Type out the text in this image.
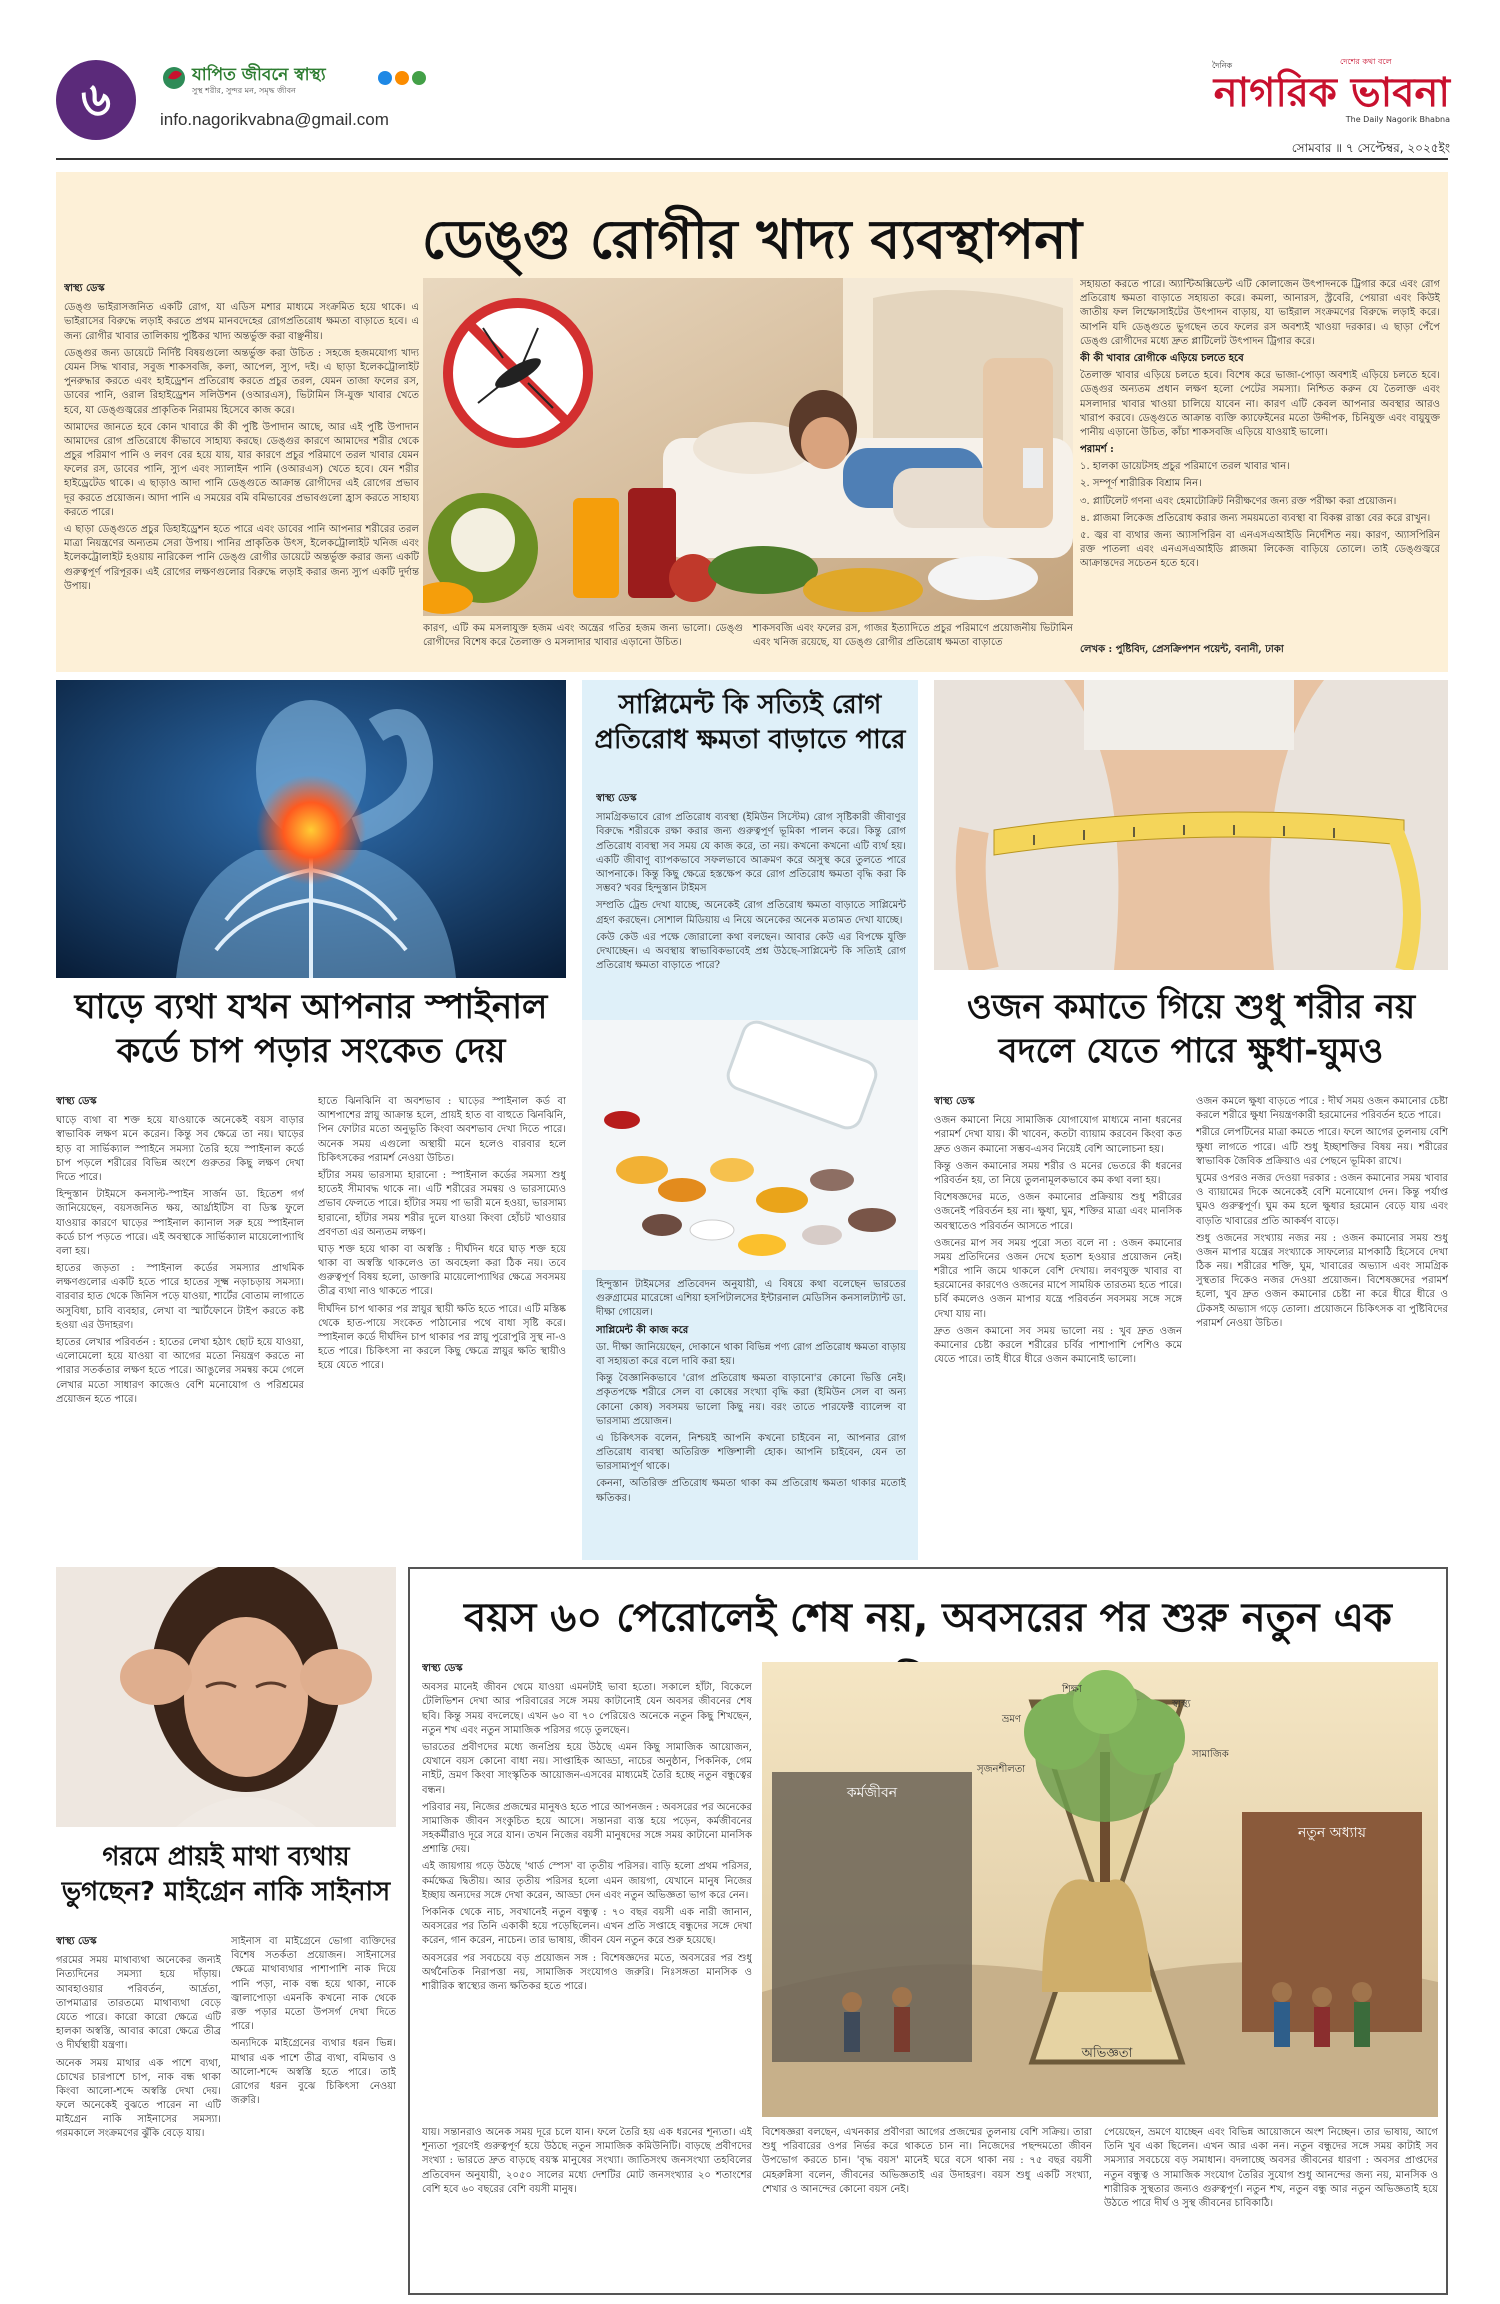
৬	যাপিত জীবনে স্বাস্থ্য
সুস্থ শরীর, সুন্দর মন, সমৃদ্ধ জীবন
info.nagorikvabna@gmail.com
দেশের কথা বলে
দৈনিক
নাগরিক ভাবনা
The Daily Nagorik Bhabna
সোমবার ॥ ৭ সেপ্টেম্বর, ২০২৫ইং
ডেঙ্গু রোগীর খাদ্য ব্যবস্থাপনা
স্বাস্থ্য ডেস্ক

ডেঙ্গু ভাইরাসজনিত একটি রোগ, যা এডিস মশার মাধ্যমে সংক্রমিত হয়ে থাকে। এ ভাইরাসের বিরুদ্ধে লড়াই করতে প্রথম মানবদেহের রোগপ্রতিরোধ ক্ষমতা বাড়াতে হবে। এ জন্য রোগীর খাবার তালিকায় পুষ্টিকর খাদ্য অন্তর্ভুক্ত করা বাঞ্ছনীয়।

ডেঙ্গুর জন্য ডায়েটে নির্দিষ্ট বিষয়গুলো অন্তর্ভুক্ত করা উচিত : সহজে হজমযোগ্য খাদ্য যেমন সিদ্ধ খাবার, সবুজ শাকসবজি, কলা, আপেল, স্যুপ, দই। এ ছাড়া ইলেকট্রোলাইট পুনরুদ্ধার করতে এবং হাইড্রেশন প্রতিরোধ করতে প্রচুর তরল, যেমন তাজা ফলের রস, ডাবের পানি, ওরাল রিহাইড্রেশন সলিউশন (ওআরএস), ভিটামিন সি-যুক্ত খাবার খেতে হবে, যা ডেঙ্গুজ্বরের প্রাকৃতিক নিরাময় হিসেবে কাজ করে।

আমাদের জানতে হবে কোন খাবারে কী কী পুষ্টি উপাদান আছে, আর এই পুষ্টি উপাদান আমাদের রোগ প্রতিরোধে কীভাবে সাহায্য করছে। ডেঙ্গুর কারণে আমাদের শরীর থেকে প্রচুর পরিমাণ পানি ও লবণ বের হয়ে যায়, যার কারণে প্রচুর পরিমাণে তরল খাবার যেমন ফলের রস, ডাবের পানি, স্যুপ এবং স্যালাইন পানি (ওআরএস) খেতে হবে। যেন শরীর হাইড্রেটেড থাকে। এ ছাড়াও আদা পানি ডেঙ্গুতে আক্রান্ত রোগীদের এই রোগের প্রভাব দূর করতে প্রয়োজন। আদা পানি এ সময়ের বমি বমিভাবের প্রভাবগুলো হ্রাস করতে সাহায্য করতে পারে।

এ ছাড়া ডেঙ্গুতে প্রচুর ডিহাইড্রেশন হতে পারে এবং ডাবের পানি আপনার শরীরের তরল মাত্রা নিয়ন্ত্রণের অন্যতম সেরা উপায়। পানির প্রাকৃতিক উৎস, ইলেকট্রোলাইট খনিজ এবং ইলেকট্রোলাইট হওয়ায় নারিকেল পানি ডেঙ্গু রোগীর ডায়েটে অন্তর্ভুক্ত করার জন্য একটি গুরুত্বপূর্ণ পরিপূরক। এই রোগের লক্ষণগুলোর বিরুদ্ধে লড়াই করার জন্য স্যুপ একটি দুর্দান্ত উপায়।

কারণ, এটি কম মসলাযুক্ত হজম এবং অন্ত্রের গতির হজম জন্য ভালো। ডেঙ্গু রোগীদের বিশেষ করে তৈলাক্ত ও মসলাদার খাবার এড়ানো উচিত।

শাকসবজি এবং ফলের রস, গাজর ইত্যাদিতে প্রচুর পরিমাণে প্রয়োজনীয় ভিটামিন এবং খনিজ রয়েছে, যা ডেঙ্গু রোগীর প্রতিরোধ ক্ষমতা বাড়াতে

সহায়তা করতে পারে। অ্যান্টিঅক্সিডেন্ট এটি কোলাজেন উৎপাদনকে ট্রিগার করে এবং রোগ প্রতিরোধ ক্ষমতা বাড়াতে সহায়তা করে। কমলা, আনারস, স্ট্রবেরি, পেয়ারা এবং কিউই জাতীয় ফল লিম্ফোসাইটের উৎপাদন বাড়ায়, যা ভাইরাল সংক্রমণের বিরুদ্ধে লড়াই করে। আপনি যদি ডেঙ্গুতে ভুগছেন তবে ফলের রস অবশ্যই খাওয়া দরকার। এ ছাড়া পেঁপে ডেঙ্গু রোগীদের মধ্যে দ্রুত প্লাটিলেট উৎপাদন ট্রিগার করে।

কী কী খাবার রোগীকে এড়িয়ে চলতে হবে

তৈলাক্ত খাবার এড়িয়ে চলতে হবে। বিশেষ করে ভাজা-পোড়া অবশ্যই এড়িয়ে চলতে হবে। ডেঙ্গুর অন্যতম প্রধান লক্ষণ হলো পেটের সমস্যা। নিশ্চিত করুন যে তৈলাক্ত এবং মসলাদার খাবার খাওয়া চালিয়ে যাবেন না। কারণ এটি কেবল আপনার অবস্থার আরও খারাপ করবে। ডেঙ্গুতে আক্রান্ত ব্যক্তি ক্যাফেইনের মতো উদ্দীপক, চিনিযুক্ত এবং বায়ুযুক্ত পানীয় এড়ানো উচিত, কাঁচা শাকসবজি এড়িয়ে যাওয়াই ভালো।

পরামর্শ :

১. হালকা ডায়েটসহ প্রচুর পরিমাণে তরল খাবার খান।

২. সম্পূর্ণ শারীরিক বিশ্রাম নিন।

৩. প্লাটিলেট গণনা এবং হেমাটোক্রিট নিরীক্ষণের জন্য রক্ত পরীক্ষা করা প্রয়োজন।

৪. প্লাজমা লিকেজ প্রতিরোধ করার জন্য সময়মতো ব্যবস্থা বা বিকল্প রাস্তা বের করে রাখুন।

৫. জ্বর বা ব্যথার জন্য অ্যাসপিরিন বা এনএসএআইডি নির্দেশিত নয়। কারণ, অ্যাসপিরিন রক্ত পাতলা এবং এনএসএআইডি প্লাজমা লিকেজ বাড়িয়ে তোলে। তাই ডেঙ্গুজ্বরে আক্রান্তদের সচেতন হতে হবে।

লেখক : পুষ্টিবিদ, প্রেসক্রিপশন পয়েন্ট, বনানী, ঢাকা
ঘাড়ে ব্যথা যখন আপনার স্পাইনাল কর্ডে চাপ পড়ার সংকেত দেয়
স্বাস্থ্য ডেস্ক

ঘাড়ে ব্যথা বা শক্ত হয়ে যাওয়াকে অনেকেই বয়স বাড়ার স্বাভাবিক লক্ষণ মনে করেন। কিন্তু সব ক্ষেত্রে তা নয়। ঘাড়ের হাড় বা সার্ভিক্যাল স্পাইনে সমস্যা তৈরি হয়ে স্পাইনাল কর্ডে চাপ পড়লে শরীরের বিভিন্ন অংশে গুরুতর কিছু লক্ষণ দেখা দিতে পারে।

হিন্দুস্তান টাইমসে কনসাল্ট-স্পাইন সার্জন ডা. হিতেশ গর্গ জানিয়েছেন, বয়সজনিত ক্ষয়, আর্থ্রাইটিস বা ডিস্ক ফুলে যাওয়ার কারণে ঘাড়ের স্পাইনাল ক্যানাল সরু হয়ে স্পাইনাল কর্ডে চাপ পড়তে পারে। এই অবস্থাকে সার্ভিক্যাল মায়েলোপ্যাথি বলা হয়।

হাতের জড়তা : স্পাইনাল কর্ডের সমস্যার প্রাথমিক লক্ষণগুলোর একটি হতে পারে হাতের সূক্ষ্ম নড়াচড়ায় সমস্যা। বারবার হাত থেকে জিনিস পড়ে যাওয়া, শার্টের বোতাম লাগাতে অসুবিধা, চাবি ব্যবহার, লেখা বা স্মার্টফোনে টাইপ করতে কষ্ট হওয়া এর উদাহরণ।

হাতের লেখার পরিবর্তন : হাতের লেখা হঠাৎ ছোট হয়ে যাওয়া, এলোমেলো হয়ে যাওয়া বা আগের মতো নিয়ন্ত্রণ করতে না পারার সতর্কতার লক্ষণ হতে পারে। আঙুলের সমন্বয় কমে গেলে লেখার মতো সাধারণ কাজেও বেশি মনোযোগ ও পরিশ্রমের প্রয়োজন হতে পারে।

হাতে ঝিনঝিনি বা অবশভাব : ঘাড়ের স্পাইনাল কর্ড বা আশপাশের স্নায়ু আক্রান্ত হলে, প্রায়ই হাত বা বাহুতে ঝিনঝিনি, পিন ফোটার মতো অনুভূতি কিংবা অবশভাব দেখা দিতে পারে। অনেক সময় এগুলো অস্থায়ী মনে হলেও বারবার হলে চিকিৎসকের পরামর্শ নেওয়া উচিত।

হাঁটার সময় ভারসাম্য হারানো : স্পাইনাল কর্ডের সমস্যা শুধু হাতেই সীমাবদ্ধ থাকে না। এটি শরীরের সমন্বয় ও ভারসাম্যেও প্রভাব ফেলতে পারে। হাঁটার সময় পা ভারী মনে হওয়া, ভারসাম্য হারানো, হাঁটার সময় শরীর দুলে যাওয়া কিংবা হোঁচট খাওয়ার প্রবণতা এর অন্যতম লক্ষণ।

ঘাড় শক্ত হয়ে থাকা বা অস্বস্তি : দীর্ঘদিন ধরে ঘাড় শক্ত হয়ে থাকা বা অস্বস্তি থাকলেও তা অবহেলা করা ঠিক নয়। তবে গুরুত্বপূর্ণ বিষয় হলো, ডাক্তারি মায়েলোপ্যাথির ক্ষেত্রে সবসময় তীব্র ব্যথা নাও থাকতে পারে।

দীর্ঘদিন চাপ থাকার পর স্নায়ুর স্থায়ী ক্ষতি হতে পারে। এটি মস্তিষ্ক থেকে হাত-পায়ে সংকেত পাঠানোর পথে বাধা সৃষ্টি করে। স্পাইনাল কর্ডে দীর্ঘদিন চাপ থাকার পর স্নায়ু পুরোপুরি সুস্থ না-ও হতে পারে। চিকিৎসা না করলে কিছু ক্ষেত্রে স্নায়ুর ক্ষতি স্থায়ীও হয়ে যেতে পারে।

সাপ্লিমেন্ট কি সত্যিই রোগ প্রতিরোধ ক্ষমতা বাড়াতে পারে
স্বাস্থ্য ডেস্ক

সামগ্রিকভাবে রোগ প্রতিরোধ ব্যবস্থা (ইমিউন সিস্টেম) রোগ সৃষ্টিকারী জীবাণুর বিরুদ্ধে শরীরকে রক্ষা করার জন্য গুরুত্বপূর্ণ ভূমিকা পালন করে। কিন্তু রোগ প্রতিরোধ ব্যবস্থা সব সময় যে কাজ করে, তা নয়। কখনো কখনো এটি ব্যর্থ হয়। একটি জীবাণু ব্যাপকভাবে সফলভাবে আক্রমণ করে অসুস্থ করে তুলতে পারে আপনাকে। কিন্তু কিছু ক্ষেত্রে হস্তক্ষেপ করে রোগ প্রতিরোধ ক্ষমতা বৃদ্ধি করা কি সম্ভব? খবর হিন্দুস্তান টাইমস

সম্প্রতি ট্রেন্ড দেখা যাচ্ছে, অনেকেই রোগ প্রতিরোধ ক্ষমতা বাড়াতে সাপ্লিমেন্ট গ্রহণ করছেন। সোশাল মিডিয়ায় এ নিয়ে অনেকের অনেক মতামত দেখা যাচ্ছে।

কেউ কেউ এর পক্ষে জোরালো কথা বলছেন। আবার কেউ এর বিপক্ষে যুক্তি দেখাচ্ছেন। এ অবস্থায় স্বাভাবিকভাবেই প্রশ্ন উঠছে-সাপ্লিমেন্ট কি সত্যিই রোগ প্রতিরোধ ক্ষমতা বাড়াতে পারে?

হিন্দুস্তান টাইমসের প্রতিবেদন অনুযায়ী, এ বিষয়ে কথা বলেছেন ভারতের গুরুগ্রামের মারেঙ্গো এশিয়া হসপিটালসের ইন্টারনাল মেডিসিন কনসালট্যান্ট ডা. দীক্ষা গোয়েল।

সাপ্লিমেন্ট কী কাজ করে

ডা. দীক্ষা জানিয়েছেন, দোকানে থাকা বিভিন্ন পণ্য রোগ প্রতিরোধ ক্ষমতা বাড়ায় বা সহায়তা করে বলে দাবি করা হয়।

কিন্তু বৈজ্ঞানিকভাবে 'রোগ প্রতিরোধ ক্ষমতা বাড়ানো'র কোনো ভিত্তি নেই। প্রকৃতপক্ষে শরীরে সেল বা কোষের সংখ্যা বৃদ্ধি করা (ইমিউন সেল বা অন্য কোনো কোষ) সবসময় ভালো কিছু নয়। বরং তাতে পারফেক্ট ব্যালেন্স বা ভারসাম্য প্রয়োজন।

এ চিকিৎসক বলেন, নিশ্চয়ই আপনি কখনো চাইবেন না, আপনার রোগ প্রতিরোধ ব্যবস্থা অতিরিক্ত শক্তিশালী হোক। আপনি চাইবেন, যেন তা ভারসাম্যপূর্ণ থাকে।

কেননা, অতিরিক্ত প্রতিরোধ ক্ষমতা থাকা কম প্রতিরোধ ক্ষমতা থাকার মতোই ক্ষতিকর।

ওজন কমাতে গিয়ে শুধু শরীর নয় বদলে যেতে পারে ক্ষুধা-ঘুমও
স্বাস্থ্য ডেস্ক

ওজন কমানো নিয়ে সামাজিক যোগাযোগ মাধ্যমে নানা ধরনের পরামর্শ দেখা যায়। কী খাবেন, কতটা ব্যায়াম করবেন কিংবা কত দ্রুত ওজন কমানো সম্ভব-এসব নিয়েই বেশি আলোচনা হয়।

কিন্তু ওজন কমানোর সময় শরীর ও মনের ভেতরে কী ধরনের পরিবর্তন হয়, তা নিয়ে তুলনামূলকভাবে কম কথা বলা হয়।

বিশেষজ্ঞদের মতে, ওজন কমানোর প্রক্রিয়ায় শুধু শরীরের ওজনেই পরিবর্তন হয় না। ক্ষুধা, ঘুম, শক্তির মাত্রা এবং মানসিক অবস্থাতেও পরিবর্তন আসতে পারে।

ওজনের মাপ সব সময় পুরো সত্য বলে না : ওজন কমানোর সময় প্রতিদিনের ওজন দেখে হতাশ হওয়ার প্রয়োজন নেই। শরীরে পানি জমে থাকলে বেশি দেখায়। লবণযুক্ত খাবার বা হরমোনের কারণেও ওজনের মাপে সাময়িক তারতম্য হতে পারে। চর্বি কমলেও ওজন মাপার যন্ত্রে পরিবর্তন সবসময় সঙ্গে সঙ্গে দেখা যায় না।

দ্রুত ওজন কমানো সব সময় ভালো নয় : খুব দ্রুত ওজন কমানোর চেষ্টা করলে শরীরের চর্বির পাশাপাশি পেশিও কমে যেতে পারে। তাই ধীরে ধীরে ওজন কমানোই ভালো।

ওজন কমলে ক্ষুধা বাড়তে পারে : দীর্ঘ সময় ওজন কমানোর চেষ্টা করলে শরীরে ক্ষুধা নিয়ন্ত্রণকারী হরমোনের পরিবর্তন হতে পারে।

শরীরে লেপটিনের মাত্রা কমতে পারে। ফলে আগের তুলনায় বেশি ক্ষুধা লাগতে পারে। এটি শুধু ইচ্ছাশক্তির বিষয় নয়। শরীরের স্বাভাবিক জৈবিক প্রক্রিয়াও এর পেছনে ভূমিকা রাখে।

ঘুমের ওপরও নজর দেওয়া দরকার : ওজন কমানোর সময় খাবার ও ব্যায়ামের দিকে অনেকেই বেশি মনোযোগ দেন। কিন্তু পর্যাপ্ত ঘুমও গুরুত্বপূর্ণ। ঘুম কম হলে ক্ষুধার হরমোন বেড়ে যায় এবং বাড়তি খাবারের প্রতি আকর্ষণ বাড়ে।

শুধু ওজনের সংখ্যায় নজর নয় : ওজন কমানোর সময় শুধু ওজন মাপার যন্ত্রের সংখ্যাকে সাফল্যের মাপকাঠি হিসেবে দেখা ঠিক নয়। শরীরের শক্তি, ঘুম, খাবারের অভ্যাস এবং সামগ্রিক সুস্থতার দিকেও নজর দেওয়া প্রয়োজন। বিশেষজ্ঞদের পরামর্শ হলো, খুব দ্রুত ওজন কমানোর চেষ্টা না করে ধীরে ধীরে ও টেকসই অভ্যাস গড়ে তোলা। প্রয়োজনে চিকিৎসক বা পুষ্টিবিদের পরামর্শ নেওয়া উচিত।

গরমে প্রায়ই মাথা ব্যথায় ভুগছেন? মাইগ্রেন নাকি সাইনাস
স্বাস্থ্য ডেস্ক

গরমের সময় মাথাব্যথা অনেকের জন্যই নিত্যদিনের সমস্যা হয়ে দাঁড়ায়। আবহাওয়ার পরিবর্তন, আর্দ্রতা, তাপমাত্রার তারতম্যে মাথাব্যথা বেড়ে যেতে পারে। কারো কারো ক্ষেত্রে এটি হালকা অস্বস্তি, আবার কারো ক্ষেত্রে তীব্র ও দীর্ঘস্থায়ী যন্ত্রণা।

অনেক সময় মাথার এক পাশে ব্যথা, চোখের চারপাশে চাপ, নাক বন্ধ থাকা কিংবা আলো-শব্দে অস্বস্তি দেখা দেয়। ফলে অনেকেই বুঝতে পারেন না এটি মাইগ্রেন নাকি সাইনাসের সমস্যা। গরমকালে সংক্রমণের ঝুঁকি বেড়ে যায়।

সাইনাস বা মাইগ্রেনে ভোগা ব্যক্তিদের বিশেষ সতর্কতা প্রয়োজন। সাইনাসের ক্ষেত্রে মাথাব্যথার পাশাপাশি নাক দিয়ে পানি পড়া, নাক বন্ধ হয়ে থাকা, নাকে জ্বালাপোড়া এমনকি কখনো নাক থেকে রক্ত পড়ার মতো উপসর্গ দেখা দিতে পারে।

অন্যদিকে মাইগ্রেনের ব্যথার ধরন ভিন্ন। মাথার এক পাশে তীব্র ব্যথা, বমিভাব ও আলো-শব্দে অস্বস্তি হতে পারে। তাই রোগের ধরন বুঝে চিকিৎসা নেওয়া জরুরি।

বয়স ৬০ পেরোলেই শেষ নয়, অবসরের পর শুরু নতুন এক
স্বাস্থ্য ডেস্ক

অবসর মানেই জীবন থেমে যাওয়া এমনটাই ভাবা হতো। সকালে হাঁটা, বিকেলে টেলিভিশন দেখা আর পরিবারের সঙ্গে সময় কাটানোই যেন অবসর জীবনের শেষ ছবি। কিন্তু সময় বদলেছে। এখন ৬০ বা ৭০ পেরিয়েও অনেকে নতুন কিছু শিখছেন, নতুন শখ এবং নতুন সামাজিক পরিসর গড়ে তুলছেন।

ভারতের প্রবীণদের মধ্যে জনপ্রিয় হয়ে উঠছে এমন কিছু সামাজিক আয়োজন, যেখানে বয়স কোনো বাধা নয়। সাপ্তাহিক আড্ডা, নাচের অনুষ্ঠান, পিকনিক, গেম নাইট, ভ্রমণ কিংবা সাংস্কৃতিক আয়োজন-এসবের মাধ্যমেই তৈরি হচ্ছে নতুন বন্ধুত্বের বন্ধন।

পরিবার নয়, নিজের প্রজন্মের মানুষও হতে পারে আপনজন : অবসরের পর অনেকের সামাজিক জীবন সংকুচিত হয়ে আসে। সন্তানরা ব্যস্ত হয়ে পড়েন, কর্মজীবনের সহকর্মীরাও দূরে সরে যান। তখন নিজের বয়সী মানুষদের সঙ্গে সময় কাটানো মানসিক প্রশান্তি দেয়।

এই জায়গায় গড়ে উঠছে 'থার্ড স্পেস' বা তৃতীয় পরিসর। বাড়ি হলো প্রথম পরিসর, কর্মক্ষেত্র দ্বিতীয়। আর তৃতীয় পরিসর হলো এমন জায়গা, যেখানে মানুষ নিজের ইচ্ছায় অন্যদের সঙ্গে দেখা করেন, আড্ডা দেন এবং নতুন অভিজ্ঞতা ভাগ করে নেন।

পিকনিক থেকে নাচ, সবখানেই নতুন বন্ধুত্ব : ৭০ বছর বয়সী এক নারী জানান, অবসরের পর তিনি একাকী হয়ে পড়েছিলেন। এখন প্রতি সপ্তাহে বন্ধুদের সঙ্গে দেখা করেন, গান করেন, নাচেন। তার ভাষায়, জীবন যেন নতুন করে শুরু হয়েছে।

অবসরের পর সবচেয়ে বড় প্রয়োজন সঙ্গ : বিশেষজ্ঞদের মতে, অবসরের পর শুধু অর্থনৈতিক নিরাপত্তা নয়, সামাজিক সংযোগও জরুরি। নিঃসঙ্গতা মানসিক ও শারীরিক স্বাস্থ্যের জন্য ক্ষতিকর হতে পারে।

কর্মজীবন
নতুন অধ্যায়
শিক্ষা
ভ্রমণ
স্বাস্থ্য
সামাজিক
সৃজনশীলতা
অভিজ্ঞতা

যায়। সন্তানরাও অনেক সময় দূরে চলে যান। ফলে তৈরি হয় এক ধরনের শূন্যতা। এই শূন্যতা পূরণেই গুরুত্বপূর্ণ হয়ে উঠছে নতুন সামাজিক কমিউনিটি। বাড়ছে প্রবীণদের সংখ্যা : ভারতে দ্রুত বাড়ছে বয়স্ক মানুষের সংখ্যা। জাতিসংঘ জনসংখ্যা তহবিলের প্রতিবেদন অনুযায়ী, ২০৫০ সালের মধ্যে দেশটির মোট জনসংখ্যার ২০ শতাংশের বেশি হবে ৬০ বছরের বেশি বয়সী মানুষ।

বিশেষজ্ঞরা বলছেন, এখনকার প্রবীণরা আগের প্রজন্মের তুলনায় বেশি সক্রিয়। তারা শুধু পরিবারের ওপর নির্ভর করে থাকতে চান না। নিজেদের পছন্দমতো জীবন উপভোগ করতে চান। 'বৃদ্ধ বয়স' মানেই ঘরে বসে থাকা নয় : ৭৫ বছর বয়সী মেহরুন্নিসা বলেন, জীবনের অভিজ্ঞতাই এর উদাহরণ। বয়স শুধু একটি সংখ্যা, শেখার ও আনন্দের কোনো বয়স নেই।

পেয়েছেন, ভ্রমণে যাচ্ছেন এবং বিভিন্ন আয়োজনে অংশ নিচ্ছেন। তার ভাষায়, আগে তিনি খুব একা ছিলেন। এখন আর একা নন। নতুন বন্ধুদের সঙ্গে সময় কাটাই সব সমস্যার সবচেয়ে বড় সমাধান। বদলাচ্ছে অবসর জীবনের ধারণা : অবসর প্রাপ্তদের নতুন বন্ধুত্ব ও সামাজিক সংযোগ তৈরির সুযোগ শুধু আনন্দের জন্য নয়, মানসিক ও শারীরিক সুস্থতার জন্যও গুরুত্বপূর্ণ। নতুন শখ, নতুন বন্ধু আর নতুন অভিজ্ঞতাই হয়ে উঠতে পারে দীর্ঘ ও সুস্থ জীবনের চাবিকাঠি।
